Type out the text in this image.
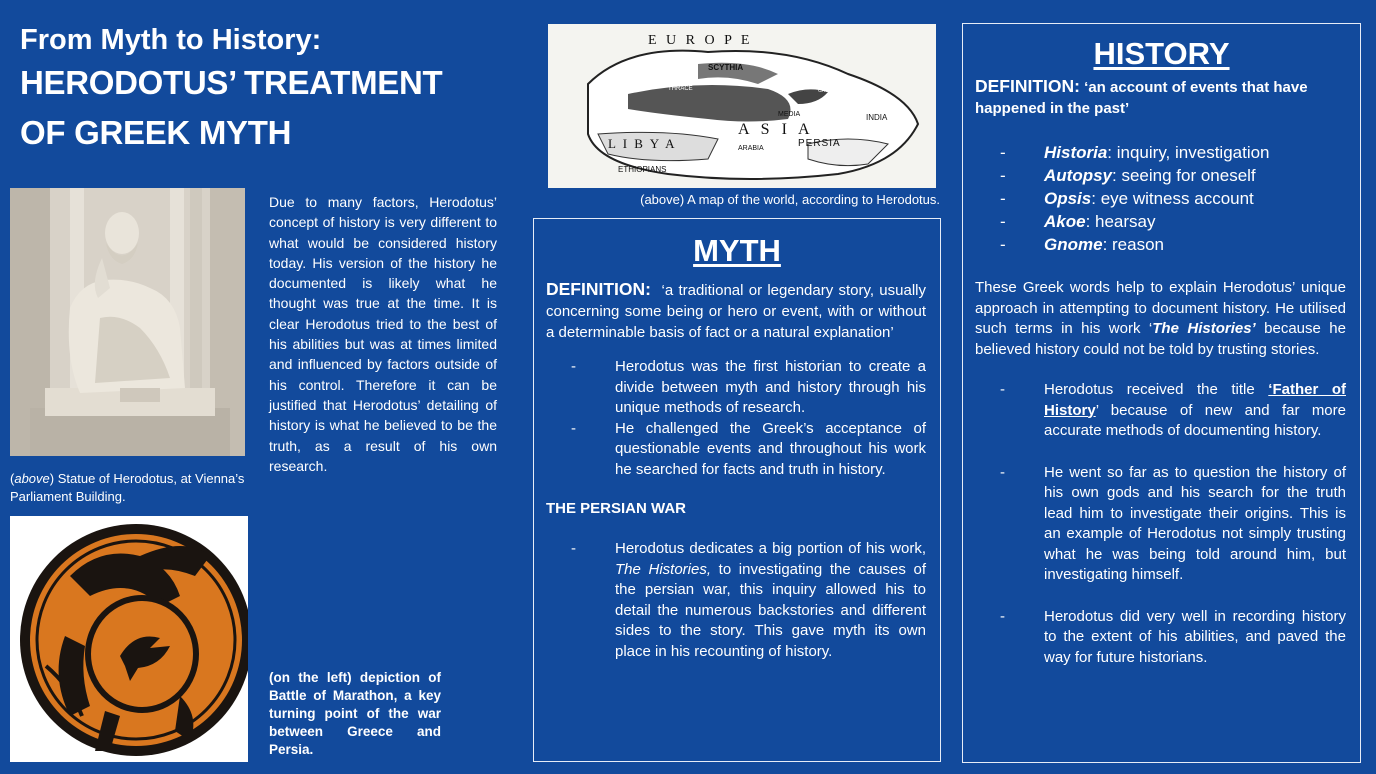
From Myth to History:
HERODOTUS’ TREATMENT
OF GREEK MYTH
(above) Statue of Herodotus, at Vienna’s Parliament Building.
Due to many factors, Herodotus’ concept of history is very different to what would be considered history today. His version of the history he documented is likely what he thought was true at the time. It is clear Herodotus tried to the best of his abilities but was at times limited and influenced by factors outside of his control. Therefore it can be justified that Herodotus’ detailing of history is what he believed to be the truth, as a result of his own research.
(on the left) depiction of Battle of Marathon, a key turning point of the war between Greece and Persia.
E U R O P E
SCYTHIA
THRACE	CASPIAN SEA
L I B Y A
A S I A
MEDIA	INDIA
PERSIA
ARABIA
ETHIOPIANS
(above) A map of the world, according to Herodotus.
MYTH
DEFINITION: ‘a traditional or legendary story, usually concerning some being or hero or event, with or without a determinable basis of fact or a natural explanation’
-	Herodotus was the first historian to create a divide between myth and history through his unique methods of research.
-	He challenged the Greek’s acceptance of questionable events and throughout his work he searched for facts and truth in history.
THE PERSIAN WAR
-	Herodotus dedicates a big portion of his work, The Histories, to investigating the causes of the persian war, this inquiry allowed his to detail the numerous backstories and different sides to the story. This gave myth its own place in his recounting of history.
HISTORY
DEFINITION: ‘an account of events that have happened in the past’
- Historia: inquiry, investigation
- Autopsy: seeing for oneself
- Opsis: eye witness account
- Akoe: hearsay
- Gnome: reason
These Greek words help to explain Herodotus’ unique approach in attempting to document history. He utilised such terms in his work ‘The Histories’ because he believed history could not be told by trusting stories.
-	Herodotus received the title ‘Father of History’ because of new and far more accurate methods of documenting history.
-	He went so far as to question the history of his own gods and his search for the truth lead him to investigate their origins. This is an example of Herodotus not simply trusting what he was being told around him, but investigating himself.
-	Herodotus did very well in recording history to the extent of his abilities, and paved the way for future historians.
